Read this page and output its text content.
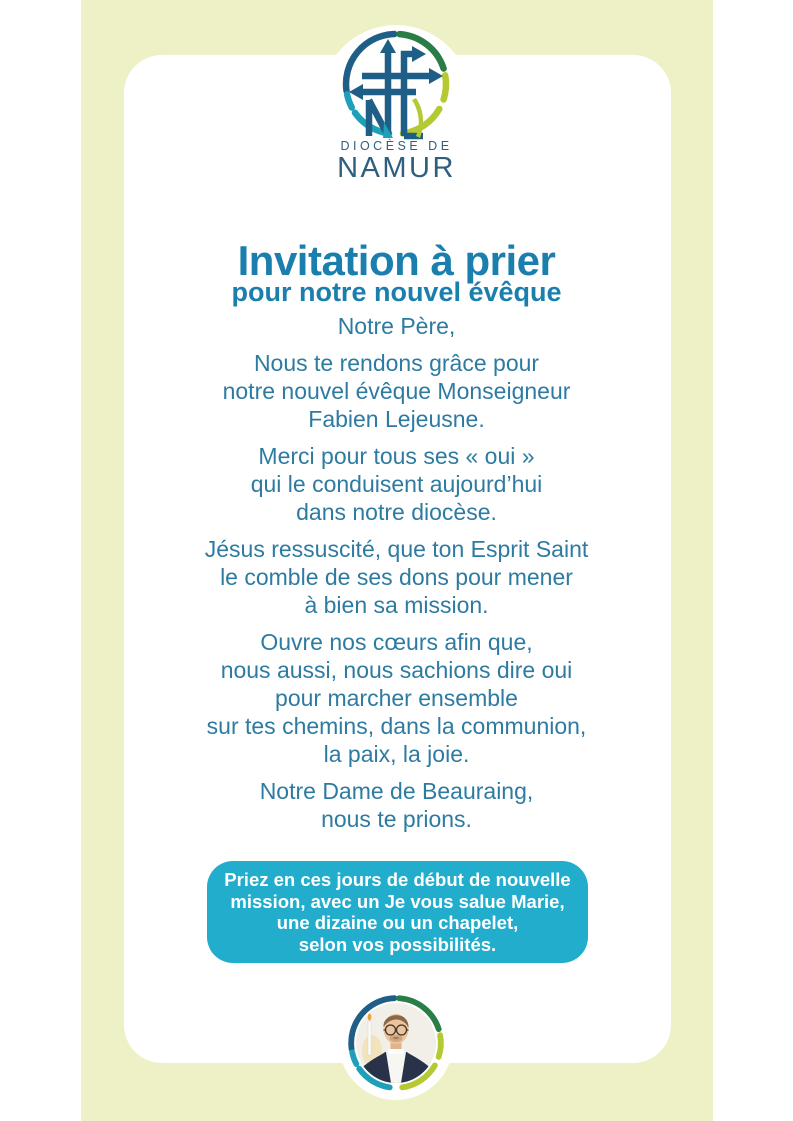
DIOCÈSE DE
NAMUR
Invitation à prier
pour notre nouvel évêque

Notre Père,

Nous te rendons grâce pour
notre nouvel évêque Monseigneur
Fabien Lejeusne.

Merci pour tous ses « oui »
qui le conduisent aujourd’hui
dans notre diocèse.

Jésus ressuscité, que ton Esprit Saint
le comble de ses dons pour mener
à bien sa mission.

Ouvre nos cœurs afin que,
nous aussi, nous sachions dire oui
pour marcher ensemble
sur tes chemins, dans la communion,
la paix, la joie.

Notre Dame de Beauraing,
nous te prions.

Priez en ces jours de début de nouvelle
mission, avec un Je vous salue Marie,
une dizaine ou un chapelet,
selon vos possibilités.
